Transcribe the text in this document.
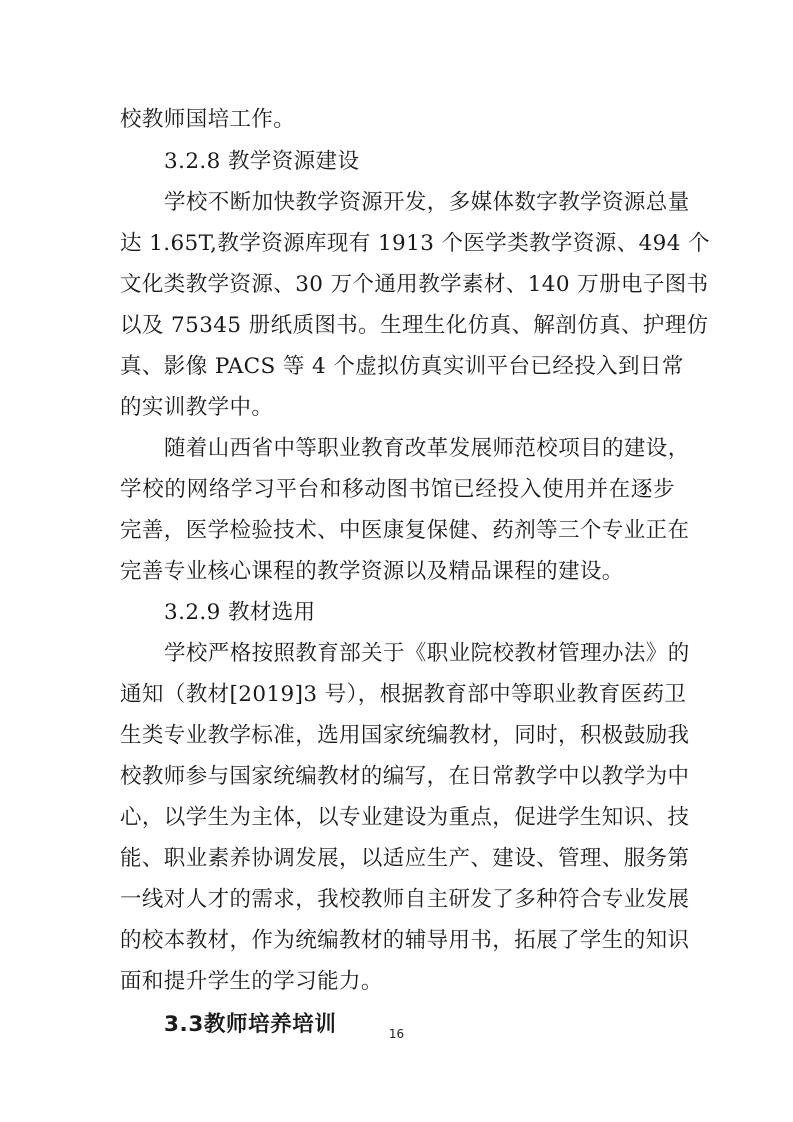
校教师国培工作。
3.2.8 教学资源建设
学校不断加快教学资源开发，多媒体数字教学资源总量
达 1.65T,教学资源库现有 1913 个医学类教学资源、494 个
文化类教学资源、30 万个通用教学素材、140 万册电子图书
以及 75345 册纸质图书。生理生化仿真、解剖仿真、护理仿
真、影像 PACS 等 4 个虚拟仿真实训平台已经投入到日常
的实训教学中。
随着山西省中等职业教育改革发展师范校项目的建设，
学校的网络学习平台和移动图书馆已经投入使用并在逐步
完善，医学检验技术、中医康复保健、药剂等三个专业正在
完善专业核心课程的教学资源以及精品课程的建设。
3.2.9 教材选用
学校严格按照教育部关于《职业院校教材管理办法》的
通知（教材[2019]3 号），根据教育部中等职业教育医药卫
生类专业教学标准，选用国家统编教材，同时，积极鼓励我
校教师参与国家统编教材的编写，在日常教学中以教学为中
心，以学生为主体，以专业建设为重点，促进学生知识、技
能、职业素养协调发展，以适应生产、建设、管理、服务第
一线对人才的需求，我校教师自主研发了多种符合专业发展
的校本教材，作为统编教材的辅导用书，拓展了学生的知识
面和提升学生的学习能力。
3.3教师培养培训	16
